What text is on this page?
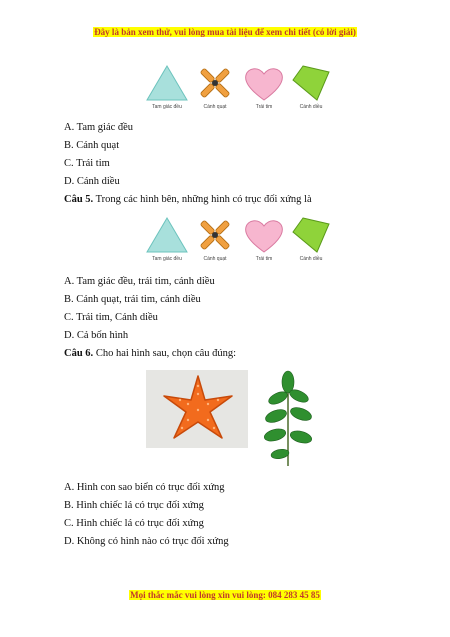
Đây là bản xem thử, vui lòng mua tài liệu để xem chi tiết (có lời giải)
Tam giác đều	Cánh quạt	Trái tim	Cánh diều
A. Tam giác đều
B. Cánh quạt
C. Trái tim
D. Cánh diều
Câu 5. Trong các hình bên, những hình có trục đối xứng là
Tam giác đều	Cánh quạt	Trái tim	Cánh diều
A. Tam giác đều, trái tim, cánh diều
B. Cánh quạt, trái tim, cánh diều
C. Trái tim, Cánh diều
D. Cả bốn hình
Câu 6. Cho hai hình sau, chọn câu đúng:
A. Hình con sao biển có trục đối xứng
B. Hình chiếc lá có trục đối xứng
C. Hình chiếc lá có trục đối xứng
D. Không có hình nào có trục đối xứng
Mọi thắc mắc vui lòng xin vui lòng: 084 283 45 85
